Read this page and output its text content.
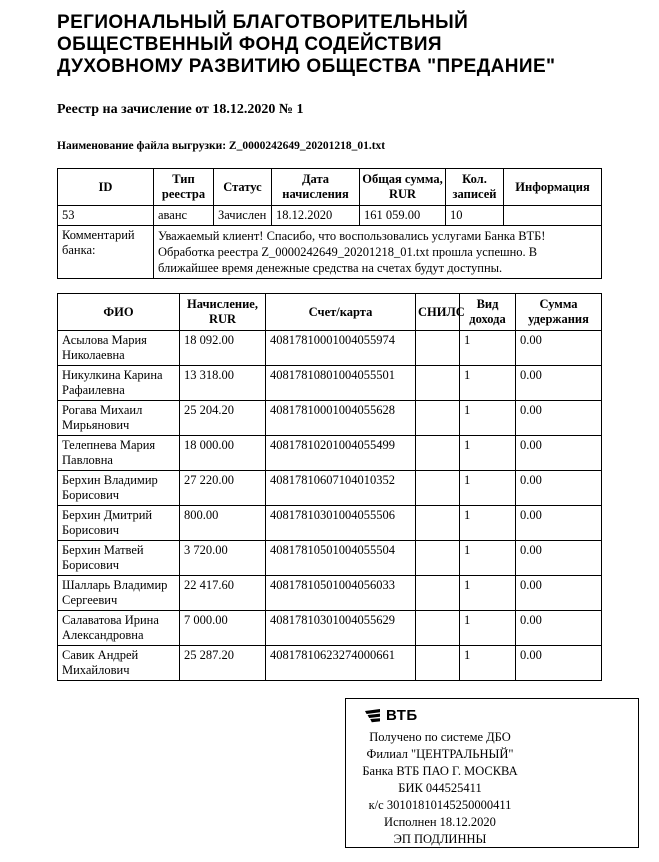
РЕГИОНАЛЬНЫЙ БЛАГОТВОРИТЕЛЬНЫЙ
ОБЩЕСТВЕННЫЙ ФОНД СОДЕЙСТВИЯ
ДУХОВНОМУ РАЗВИТИЮ ОБЩЕСТВА "ПРЕДАНИЕ"
Реестр на зачисление от 18.12.2020 № 1
Наименование файла выгрузки: Z_0000242649_20201218_01.txt
ID	Тип реестра	Статус	Дата начисления	Общая сумма, RUR	Кол. записей	Информация
53	аванс	Зачислен	18.12.2020	161 059.00	10	
Комментарий банка:	Уважаемый клиент! Спасибо, что воспользовались услугами Банка ВТБ! Обработка реестра Z_0000242649_20201218_01.txt прошла успешно. В ближайшее время денежные средства на счетах будут доступны.					
ФИО	Начисление, RUR	Счет/карта	СНИЛС	Вид дохода	Сумма удержания
Асылова Мария Николаевна	18 092.00	40817810001004055974		1	0.00
Никулкина Карина Рафаилевна	13 318.00	40817810801004055501		1	0.00
Рогава Михаил Мирьянович	25 204.20	40817810001004055628		1	0.00
Телепнева Мария Павловна	18 000.00	40817810201004055499		1	0.00
Берхин Владимир Борисович	27 220.00	40817810607104010352		1	0.00
Берхин Дмитрий Борисович	800.00	40817810301004055506		1	0.00
Берхин Матвей Борисович	3 720.00	40817810501004055504		1	0.00
Шалларь Владимир Сергеевич	22 417.60	40817810501004056033		1	0.00
Салаватова Ирина Александровна	7 000.00	40817810301004055629		1	0.00
Савик Андрей Михайлович	25 287.20	40817810623274000661		1	0.00
ВТБ
Получено по системе ДБО
Филиал "ЦЕНТРАЛЬНЫЙ"
Банка ВТБ ПАО Г. МОСКВА
БИК 044525411
к/с 30101810145250000411
Исполнен 18.12.2020
ЭП ПОДЛИННЫ
